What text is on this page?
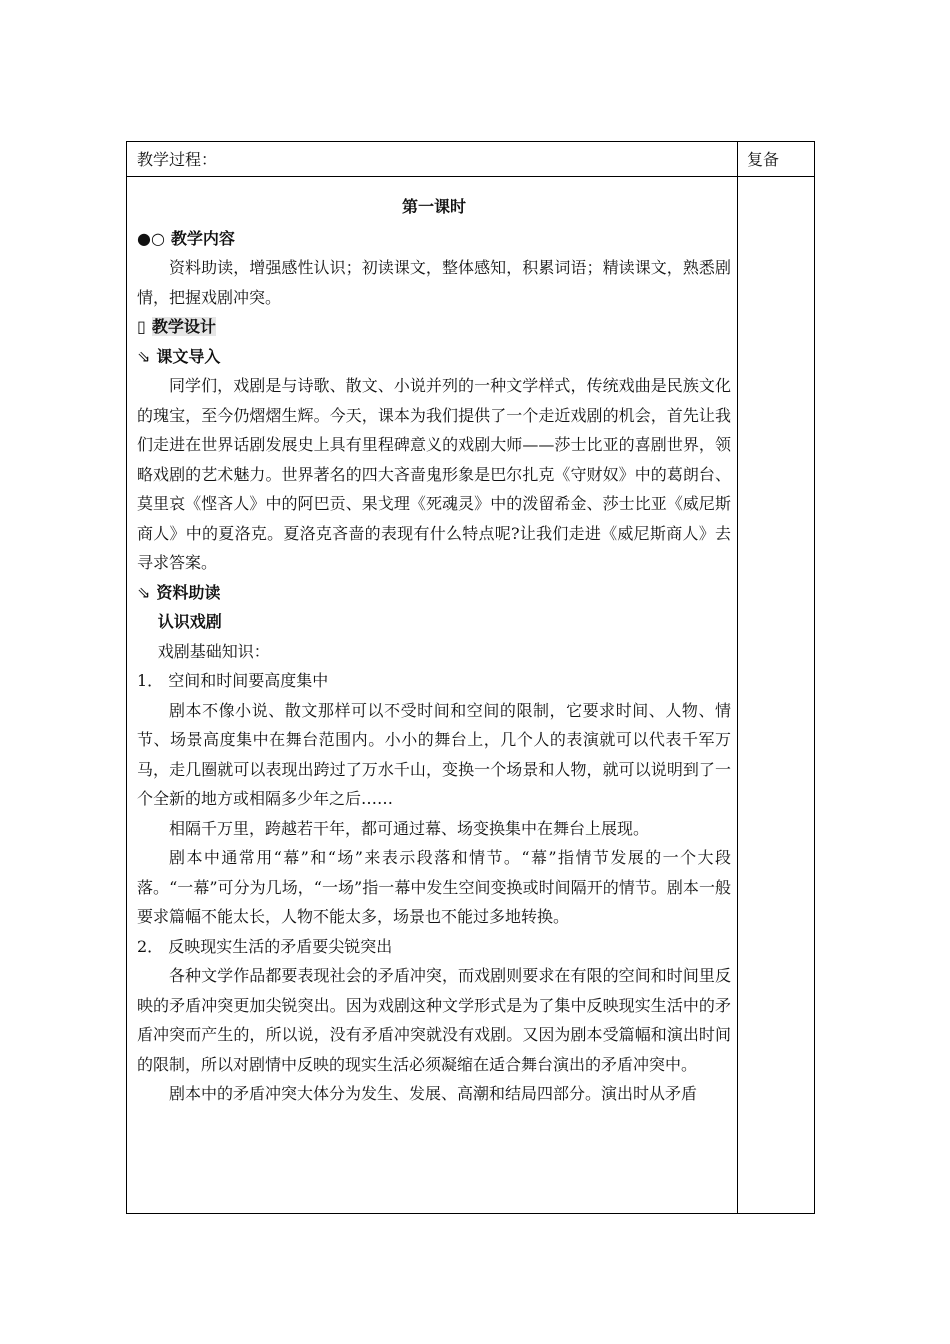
教学过程：	复备

第一课时

●○ 教学内容

资料助读，增强感性认识；初读课文，整体感知，积累词语；精读课文，熟悉剧情，把握戏剧冲突。

▯ 教学设计

⇘ 课文导入

同学们，戏剧是与诗歌、散文、小说并列的一种文学样式，传统戏曲是民族文化的瑰宝，至今仍熠熠生辉。今天，课本为我们提供了一个走近戏剧的机会，首先让我们走进在世界话剧发展史上具有里程碑意义的戏剧大师——莎士比亚的喜剧世界，领略戏剧的艺术魅力。世界著名的四大吝啬鬼形象是巴尔扎克《守财奴》中的葛朗台、莫里哀《悭吝人》中的阿巴贡、果戈理《死魂灵》中的泼留希金、莎士比亚《威尼斯商人》中的夏洛克。夏洛克吝啬的表现有什么特点呢?让我们走进《威尼斯商人》去寻求答案。

⇘ 资料助读

认识戏剧

戏剧基础知识：

1． 空间和时间要高度集中

剧本不像小说、散文那样可以不受时间和空间的限制，它要求时间、人物、情节、场景高度集中在舞台范围内。小小的舞台上，几个人的表演就可以代表千军万马，走几圈就可以表现出跨过了万水千山，变换一个场景和人物，就可以说明到了一个全新的地方或相隔多少年之后……

相隔千万里，跨越若干年，都可通过幕、场变换集中在舞台上展现。

剧本中通常用“幕”和“场”来表示段落和情节。“幕”指情节发展的一个大段落。“一幕”可分为几场，“一场”指一幕中发生空间变换或时间隔开的情节。剧本一般要求篇幅不能太长，人物不能太多，场景也不能过多地转换。

2． 反映现实生活的矛盾要尖锐突出

各种文学作品都要表现社会的矛盾冲突，而戏剧则要求在有限的空间和时间里反映的矛盾冲突更加尖锐突出。因为戏剧这种文学形式是为了集中反映现实生活中的矛盾冲突而产生的，所以说，没有矛盾冲突就没有戏剧。又因为剧本受篇幅和演出时间的限制，所以对剧情中反映的现实生活必须凝缩在适合舞台演出的矛盾冲突中。

剧本中的矛盾冲突大体分为发生、发展、高潮和结局四部分。演出时从矛盾
